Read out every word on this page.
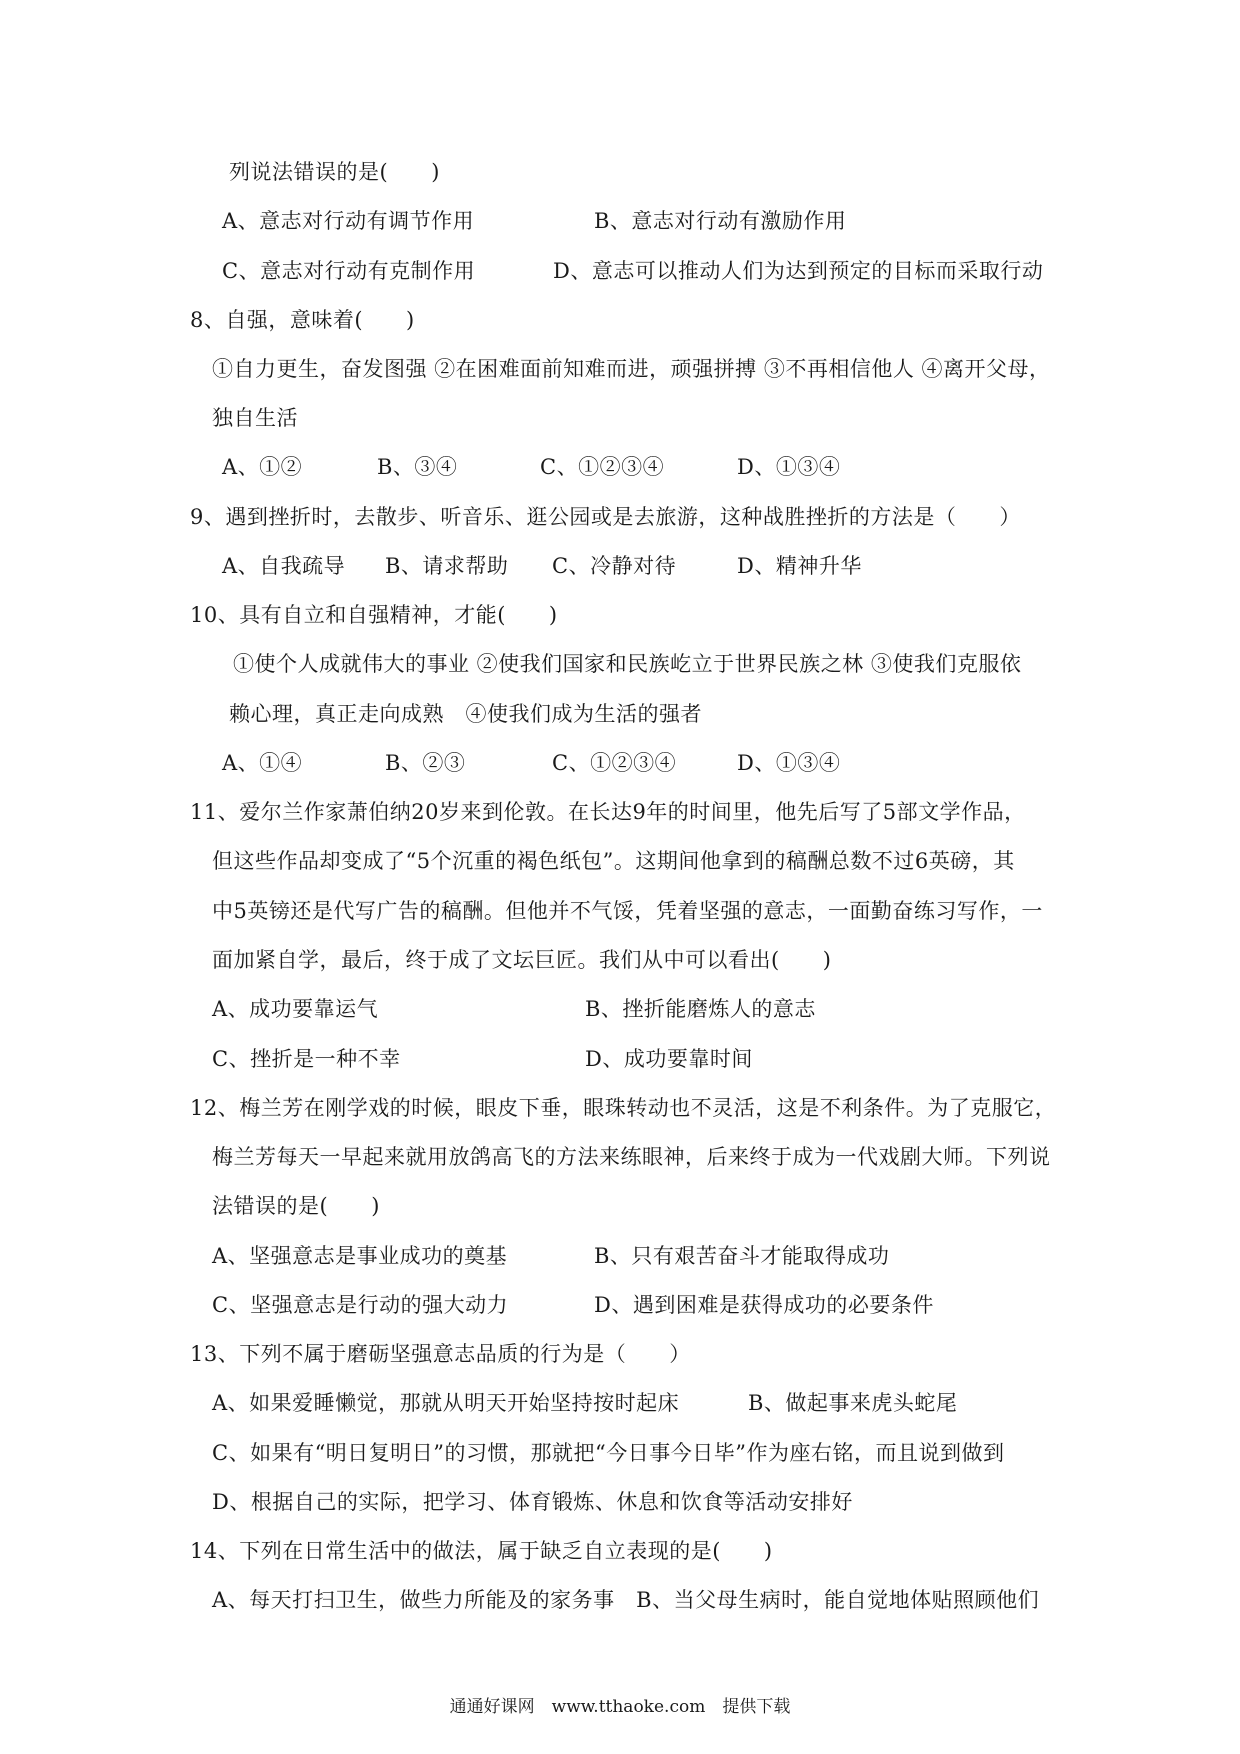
列说法错误的是(　　)
A、意志对行动有调节作用	B、意志对行动有激励作用
C、意志对行动有克制作用	D、意志可以推动人们为达到预定的目标而采取行动
8、自强，意味着(　　)
①自力更生，奋发图强 ②在困难面前知难而进，顽强拼搏 ③不再相信他人 ④离开父母，
独自生活
A、①②	B、③④	C、①②③④	D、①③④
9、遇到挫折时，去散步、听音乐、逛公园或是去旅游，这种战胜挫折的方法是（　　）
A、自我疏导 B、请求帮助 C、冷静对待	D、精神升华
10、具有自立和自强精神，才能(　　)
①使个人成就伟大的事业 ②使我们国家和民族屹立于世界民族之林 ③使我们克服依
赖心理，真正走向成熟　④使我们成为生活的强者
A、①④	B、②③	C、①②③④	D、①③④
11、爱尔兰作家萧伯纳20岁来到伦敦。在长达9年的时间里，他先后写了5部文学作品，
但这些作品却变成了“5个沉重的褐色纸包”。这期间他拿到的稿酬总数不过6英磅，其
中5英镑还是代写广告的稿酬。但他并不气馁，凭着坚强的意志，一面勤奋练习写作，一
面加紧自学，最后，终于成了文坛巨匠。我们从中可以看出(　　)
A、成功要靠运气	B、挫折能磨炼人的意志
C、挫折是一种不幸	D、成功要靠时间
12、梅兰芳在刚学戏的时候，眼皮下垂，眼珠转动也不灵活，这是不利条件。为了克服它，
梅兰芳每天一早起来就用放鸽高飞的方法来练眼神，后来终于成为一代戏剧大师。下列说
法错误的是(　　)
A、坚强意志是事业成功的奠基	B、只有艰苦奋斗才能取得成功
C、坚强意志是行动的强大动力	D、遇到困难是获得成功的必要条件
13、下列不属于磨砺坚强意志品质的行为是（　　）
A、如果爱睡懒觉，那就从明天开始坚持按时起床	B、做起事来虎头蛇尾
C、如果有“明日复明日”的习惯，那就把“今日事今日毕”作为座右铭，而且说到做到
D、根据自己的实际，把学习、体育锻炼、休息和饮食等活动安排好
14、下列在日常生活中的做法，属于缺乏自立表现的是(　　)
A、每天打扫卫生，做些力所能及的家务事　B、当父母生病时，能自觉地体贴照顾他们
通通好课网　www.tthaoke.com　提供下载
